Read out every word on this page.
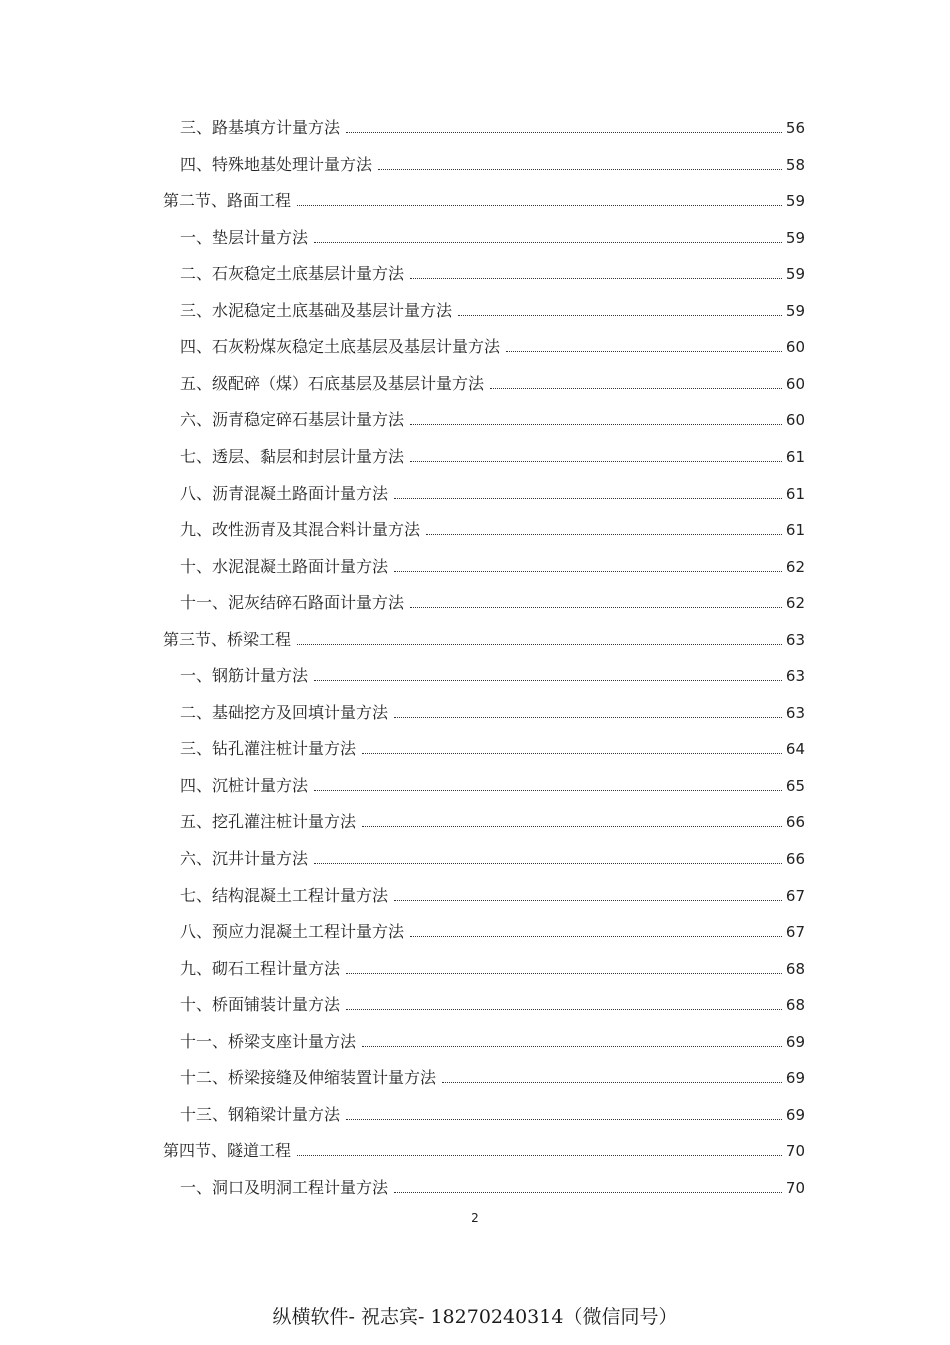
三、路基填方计量方法	56
四、特殊地基处理计量方法	58
第二节、路面工程	59
一、垫层计量方法	59
二、石灰稳定土底基层计量方法	59
三、水泥稳定土底基础及基层计量方法	59
四、石灰粉煤灰稳定土底基层及基层计量方法	60
五、级配碎（煤）石底基层及基层计量方法	60
六、沥青稳定碎石基层计量方法	60
七、透层、黏层和封层计量方法	61
八、沥青混凝土路面计量方法	61
九、改性沥青及其混合料计量方法	61
十、水泥混凝土路面计量方法	62
十一、泥灰结碎石路面计量方法	62
第三节、桥梁工程	63
一、钢筋计量方法	63
二、基础挖方及回填计量方法	63
三、钻孔灌注桩计量方法	64
四、沉桩计量方法	65
五、挖孔灌注桩计量方法	66
六、沉井计量方法	66
七、结构混凝土工程计量方法	67
八、预应力混凝土工程计量方法	67
九、砌石工程计量方法	68
十、桥面铺装计量方法	68
十一、桥梁支座计量方法	69
十二、桥梁接缝及伸缩装置计量方法	69
十三、钢箱梁计量方法	69
第四节、隧道工程	70
一、洞口及明洞工程计量方法	70
2
纵横软件- 祝志宾- 18270240314（微信同号）
